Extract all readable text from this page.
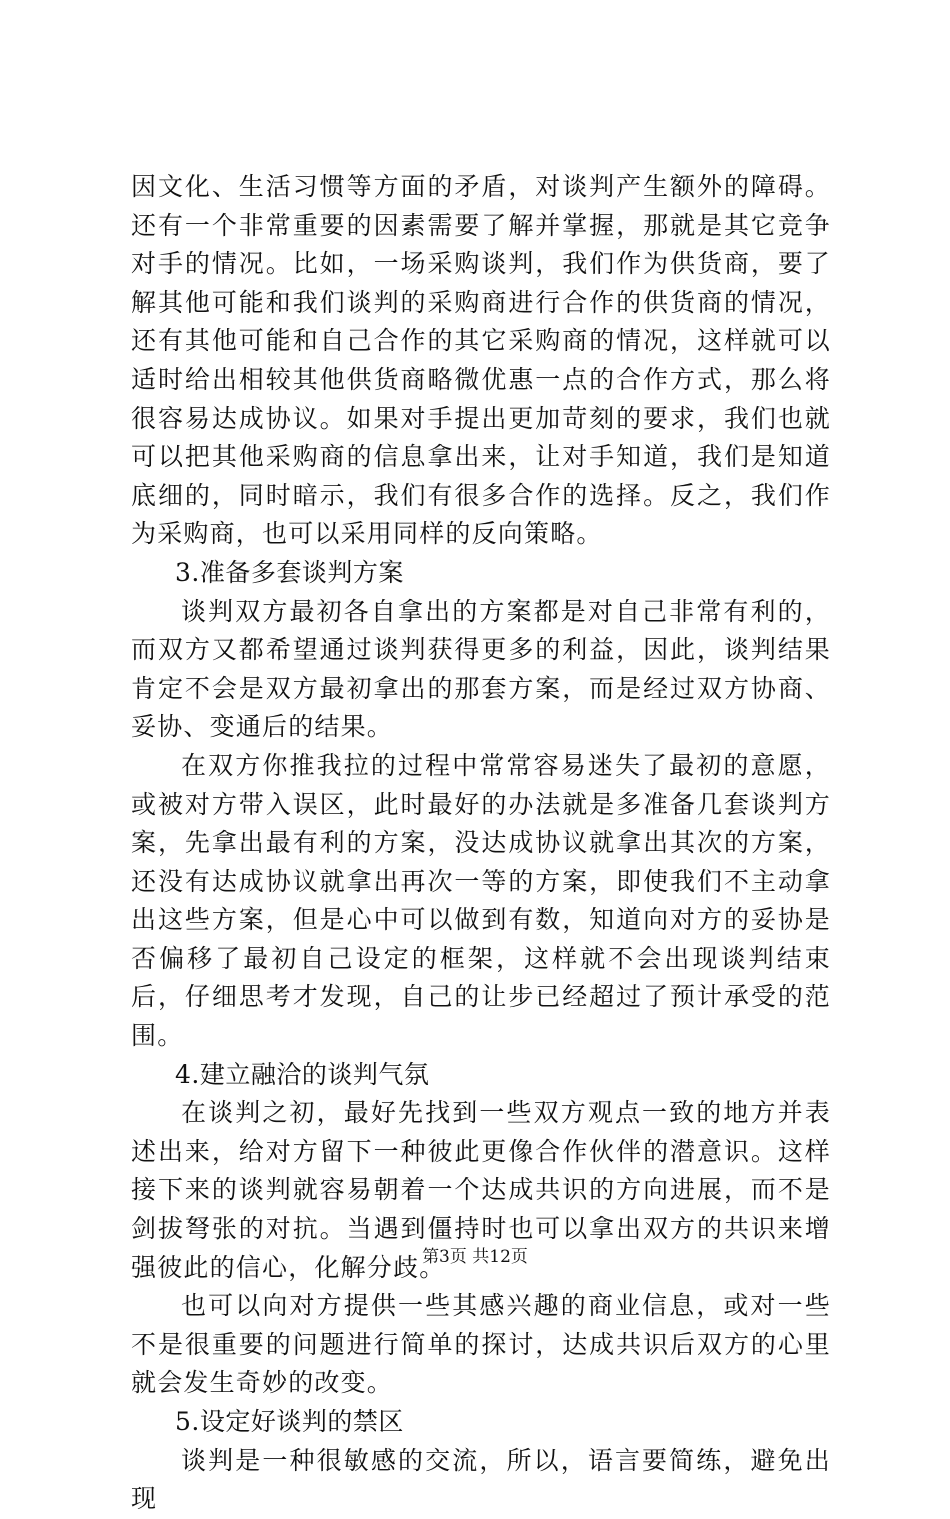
因文化、生活习惯等方面的矛盾，对谈判产生额外的障碍。还有一个非常重要的因素需要了解并掌握，那就是其它竞争对手的情况。比如，一场采购谈判，我们作为供货商，要了解其他可能和我们谈判的采购商进行合作的供货商的情况，还有其他可能和自己合作的其它采购商的情况，这样就可以适时给出相较其他供货商略微优惠一点的合作方式，那么将很容易达成协议。如果对手提出更加苛刻的要求，我们也就可以把其他采购商的信息拿出来，让对手知道，我们是知道底细的，同时暗示，我们有很多合作的选择。反之，我们作为采购商，也可以采用同样的反向策略。

3.准备多套谈判方案

谈判双方最初各自拿出的方案都是对自己非常有利的，而双方又都希望通过谈判获得更多的利益，因此，谈判结果肯定不会是双方最初拿出的那套方案，而是经过双方协商、妥协、变通后的结果。

在双方你推我拉的过程中常常容易迷失了最初的意愿，或被对方带入误区，此时最好的办法就是多准备几套谈判方案，先拿出最有利的方案，没达成协议就拿出其次的方案，还没有达成协议就拿出再次一等的方案，即使我们不主动拿出这些方案，但是心中可以做到有数，知道向对方的妥协是否偏移了最初自己设定的框架，这样就不会出现谈判结束后，仔细思考才发现，自己的让步已经超过了预计承受的范围。

4.建立融洽的谈判气氛

在谈判之初，最好先找到一些双方观点一致的地方并表述出来，给对方留下一种彼此更像合作伙伴的潜意识。这样接下来的谈判就容易朝着一个达成共识的方向进展，而不是剑拔弩张的对抗。当遇到僵持时也可以拿出双方的共识来增强彼此的信心，化解分歧。

也可以向对方提供一些其感兴趣的商业信息，或对一些不是很重要的问题进行简单的探讨，达成共识后双方的心里就会发生奇妙的改变。

5.设定好谈判的禁区

谈判是一种很敏感的交流，所以，语言要简练，避免出现

第3页 共12页
